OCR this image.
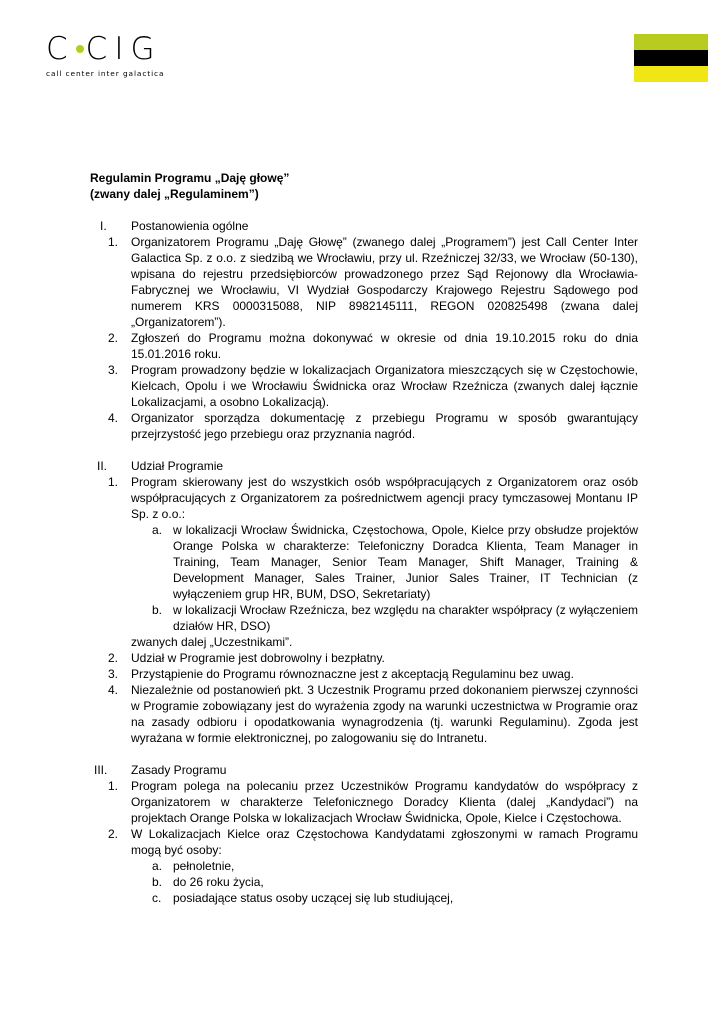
C C I G
call center inter galactica

Regulamin Programu „Daję głowę”

(zwany dalej „Regulaminem”)

I.	Postanowienia ogólne
1.	Organizatorem Programu „Daję Głowę” (zwanego dalej „Programem”) jest Call Center Inter Galactica Sp. z o.o. z siedzibą we Wrocławiu, przy ul. Rzeźniczej 32/33, we Wrocław (50-130), wpisana do rejestru przedsiębiorców prowadzonego przez Sąd Rejonowy dla Wrocławia-Fabrycznej we Wrocławiu, VI Wydział Gospodarczy Krajowego Rejestru Sądowego pod numerem KRS 0000315088, NIP 8982145111, REGON 020825498 (zwana dalej „Organizatorem”).
2.	Zgłoszeń do Programu można dokonywać w okresie od dnia 19.10.2015 roku do dnia 15.01.2016 roku.
3.	Program prowadzony będzie w lokalizacjach Organizatora mieszczących się w Częstochowie, Kielcach, Opolu i we Wrocławiu Świdnicka oraz Wrocław Rzeźnicza (zwanych dalej łącznie Lokalizacjami, a osobno Lokalizacją).
4.	Organizator sporządza dokumentację z przebiegu Programu w sposób gwarantujący przejrzystość jego przebiegu oraz przyznania nagród.
II.	Udział Programie
1.	Program skierowany jest do wszystkich osób współpracujących z Organizatorem oraz osób współpracujących z Organizatorem za pośrednictwem agencji pracy tymczasowej Montanu IP Sp. z o.o.:
a. w lokalizacji Wrocław Świdnicka, Częstochowa, Opole, Kielce przy obsłudze projektów Orange Polska w charakterze: Telefoniczny Doradca Klienta, Team Manager in Training, Team Manager, Senior Team Manager, Shift Manager, Training & Development Manager, Sales Trainer, Junior Sales Trainer, IT Technician (z wyłączeniem grup HR, BUM, DSO, Sekretariaty)
b. w lokalizacji Wrocław Rzeźnicza, bez względu na charakter współpracy (z wyłączeniem działów HR, DSO)
zwanych dalej „Uczestnikami”.
2.	Udział w Programie jest dobrowolny i bezpłatny.
3.	Przystąpienie do Programu równoznaczne jest z akceptacją Regulaminu bez uwag.
4.	Niezależnie od postanowień pkt. 3 Uczestnik Programu przed dokonaniem pierwszej czynności w Programie zobowiązany jest do wyrażenia zgody na warunki uczestnictwa w Programie oraz na zasady odbioru i opodatkowania wynagrodzenia (tj. warunki Regulaminu). Zgoda jest wyrażana w formie elektronicznej, po zalogowaniu się do Intranetu.
III.	Zasady Programu
1.	Program polega na polecaniu przez Uczestników Programu kandydatów do współpracy z Organizatorem w charakterze Telefonicznego Doradcy Klienta (dalej „Kandydaci”) na projektach Orange Polska w lokalizacjach Wrocław Świdnicka, Opole, Kielce i Częstochowa.
2.	W Lokalizacjach Kielce oraz Częstochowa Kandydatami zgłoszonymi w ramach Programu mogą być osoby:
a. pełnoletnie,
b. do 26 roku życia,
c. posiadające status osoby uczącej się lub studiującej,
